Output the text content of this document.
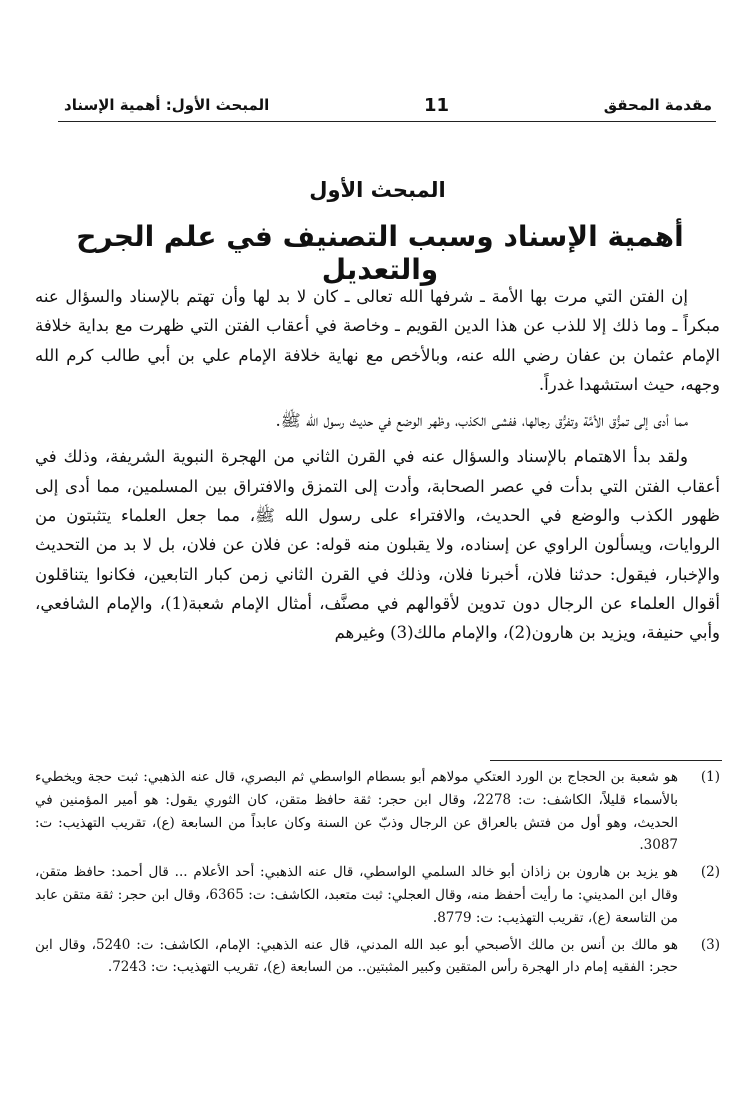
مقدمة المحقق
11
المبحث الأول: أهمية الإسناد
المبحث الأول
أهمية الإسناد وسبب التصنيف في علم الجرح والتعديل

إن الفتن التي مرت بها الأمة ـ شرفها الله تعالى ـ كان لا بد لها وأن تهتم بالإسناد والسؤال عنه مبكراً ـ وما ذلك إلا للذب عن هذا الدين القويم ـ وخاصة في أعقاب الفتن التي ظهرت مع بداية خلافة الإمام عثمان بن عفان رضي الله عنه، وبالأخص مع نهاية خلافة الإمام علي بن أبي طالب كرم الله وجهه، حيث استشهدا غدراً.

مما أدى إلى تمزُّق الأمَّة وتفرُّق رجالها، ففشى الكذب، وظهر الوضع في حديث رسول الله ﷺ.

ولقد بدأ الاهتمام بالإسناد والسؤال عنه في القرن الثاني من الهجرة النبوية الشريفة، وذلك في أعقاب الفتن التي بدأت في عصر الصحابة، وأدت إلى التمزق والافتراق بين المسلمين، مما أدى إلى ظهور الكذب والوضع في الحديث، والافتراء على رسول الله ﷺ، مما جعل العلماء يتثبتون من الروايات، ويسألون الراوي عن إسناده، ولا يقبلون منه قوله: عن فلان عن فلان، بل لا بد من التحديث والإخبار، فيقول: حدثنا فلان، أخبرنا فلان، وذلك في القرن الثاني زمن كبار التابعين، فكانوا يتناقلون أقوال العلماء عن الرجال دون تدوين لأقوالهم في مصنَّف، أمثال الإمام شعبة(1)، والإمام الشافعي، وأبي حنيفة، ويزيد بن هارون(2)، والإمام مالك(3) وغيرهم

(1)
هو شعبة بن الحجاج بن الورد العتكي مولاهم أبو بسطام الواسطي ثم البصري، قال عنه الذهبي: ثبت حجة ويخطيء بالأسماء قليلاً، الكاشف: ت: 2278، وقال ابن حجر: ثقة حافظ متقن، كان الثوري يقول: هو أمير المؤمنين في الحديث، وهو أول من فتش بالعراق عن الرجال وذبّ عن السنة وكان عابداً من السابعة (ع)، تقريب التهذيب: ت: 3087.
(2)
هو يزيد بن هارون بن زاذان أبو خالد السلمي الواسطي، قال عنه الذهبي: أحد الأعلام ... قال أحمد: حافظ متقن، وقال ابن المديني: ما رأيت أحفظ منه، وقال العجلي: ثبت متعبد، الكاشف: ت: 6365، وقال ابن حجر: ثقة متقن عابد من التاسعة (ع)، تقريب التهذيب: ت: 8779.
(3)
هو مالك بن أنس بن مالك الأصبحي أبو عبد الله المدني، قال عنه الذهبي: الإمام، الكاشف: ت: 5240، وقال ابن حجر: الفقيه إمام دار الهجرة رأس المتقين وكبير المثبتين.. من السابعة (ع)، تقريب التهذيب: ت: 7243.
